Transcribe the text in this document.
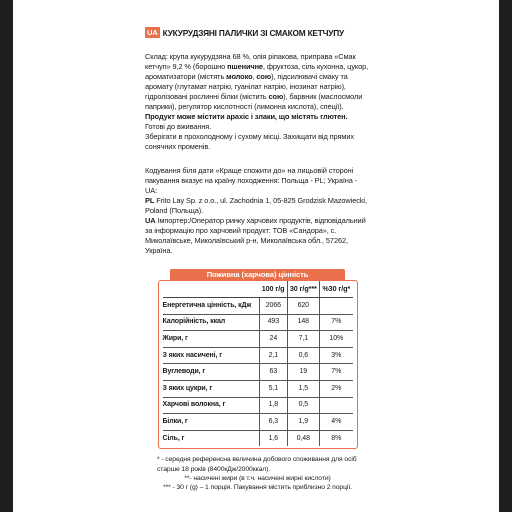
UA КУКУРУДЗЯНІ ПАЛИЧКИ ЗІ СМАКОМ КЕТЧУПУ

Склад: крупа кукурудзяна 68 %, олія ріпакова, приправа «Смак кетчуп» 9,2 % (борошно пшеничне, фруктоза, сіль кухонна, цукор, ароматизатори (містять молоко, сою), підсилювачі смаку та аромату (глутамат натрію, гуанілат натрію, інозинат натрію), гідролізовані рослинні білки (містить сою), барвник (маслосмоли паприки), регулятор кислотності (лимонна кислота), спеції).

Продукт може містити арахіс і злаки, що містять глютен.

Готові до вживання.

Зберігати в прохолодному і сухому місці. Захищати від прямих сонячних променів.

Кодування біля дати «Краще спожити до» на лицьовій стороні пакування вказує на країну походження: Польща - PL; Україна - UA:

PL Frito Lay Sp. z o.o., ul. Zachodnia 1, 05-825 Grodzisk Mazowiecki, Poland (Польща).

UA Імпортер:/Оператор ринку харчових продуктів, відповідальний за інформацію про харчовий продукт: ТОВ «Сандора», с. Миколаївське, Миколаївський р-н, Миколаївська обл., 57262, Україна.

Поживна (харчова) цінність
	100 г/g	30 г/g***	%30 г/g*
Енергетична цінність, кДж	2066	620	
Калорійність, ккал	493	148	7%
Жири, г	24	7,1	10%
З яких насичені, г	2,1	0,6	3%
Вуглеводи, г	63	19	7%
З яких цукри, г	5,1	1,5	2%
Харчові волокна, г	1,8	0,5	
Білки, г	6,3	1,9	4%
Сіль, г	1,6	0,48	8%

* - середня референсна величина добового споживання для осіб старше 18 років (8400кДж/2000ккал).

**- насичені жири (в т.ч. насичені жирні кислоти)

*** - 30 г (g) – 1 порція. Пакування містить приблизно 2 порції.
